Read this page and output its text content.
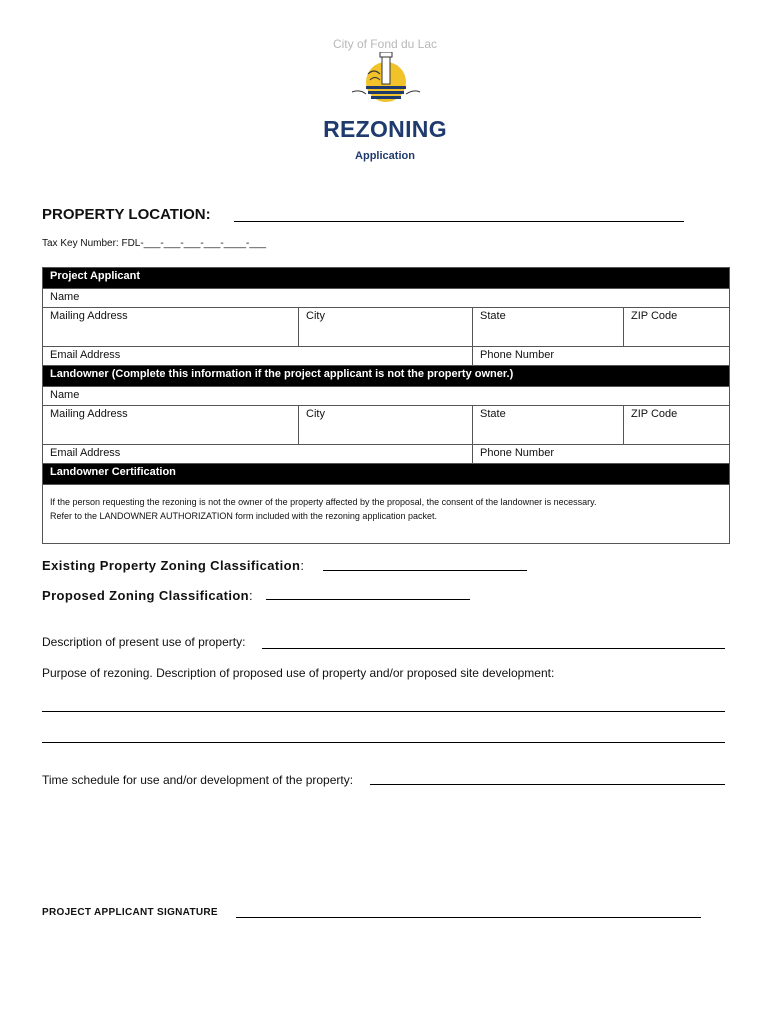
City of Fond du Lac
REZONING
Application
PROPERTY LOCATION:
Tax Key Number: FDL-___-___-___-___-____-___
Project Applicant			
Name			
Mailing Address	City	State	ZIP Code
Email Address		Phone Number	
Landowner (Complete this information if the project applicant is not the property owner.)			
Name			
Mailing Address	City	State	ZIP Code
Email Address		Phone Number	
Landowner Certification			

If the person requesting the rezoning is not the owner of the property affected by the proposal, the consent of the landowner is necessary.
Refer to the LANDOWNER AUTHORIZATION form included with the rezoning application packet.			
Existing Property Zoning Classification:
Proposed Zoning Classification:
Description of present use of property:
Purpose of rezoning. Description of proposed use of property and/or proposed site development:
Time schedule for use and/or development of the property:
PROJECT APPLICANT SIGNATURE
